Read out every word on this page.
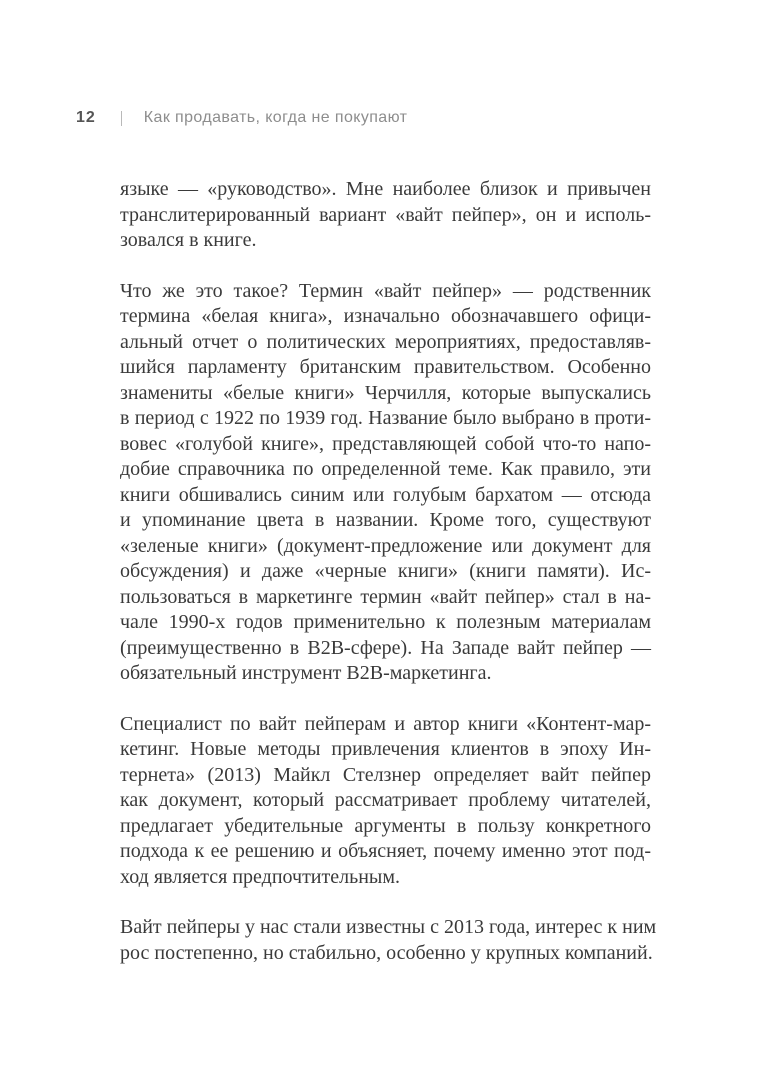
12	Как продавать, когда не покупают
языке — «руководство». Мне наиболее близок и привычен
транслитерированный вариант «вайт пейпер», он и исполь-
зовался в книге.
Что же это такое? Термин «вайт пейпер» — родственник
термина «белая книга», изначально обозначавшего офици-
альный отчет о политических мероприятиях, предоставляв-
шийся парламенту британским правительством. Особенно
знамениты «белые книги» Черчилля, которые выпускались
в период с 1922 по 1939 год. Название было выбрано в проти-
вовес «голубой книге», представляющей собой что-то напо-
добие справочника по определенной теме. Как правило, эти
книги обшивались синим или голубым бархатом — отсюда
и упоминание цвета в названии. Кроме того, существуют
«зеленые книги» (документ-предложение или документ для
обсуждения) и даже «черные книги» (книги памяти). Ис-
пользоваться в маркетинге термин «вайт пейпер» стал в на-
чале 1990-х годов применительно к полезным материалам
(преимущественно в B2B-сфере). На Западе вайт пейпер —
обязательный инструмент B2B-маркетинга.
Специалист по вайт пейперам и автор книги «Контент-мар-
кетинг. Новые методы привлечения клиентов в эпоху Ин-
тернета» (2013) Майкл Стелзнер определяет вайт пейпер
как документ, который рассматривает проблему читателей,
предлагает убедительные аргументы в пользу конкретного
подхода к ее решению и объясняет, почему именно этот под-
ход является предпочтительным.
Вайт пейперы у нас стали известны с 2013 года, интерес к ним
рос постепенно, но стабильно, особенно у крупных компаний.
